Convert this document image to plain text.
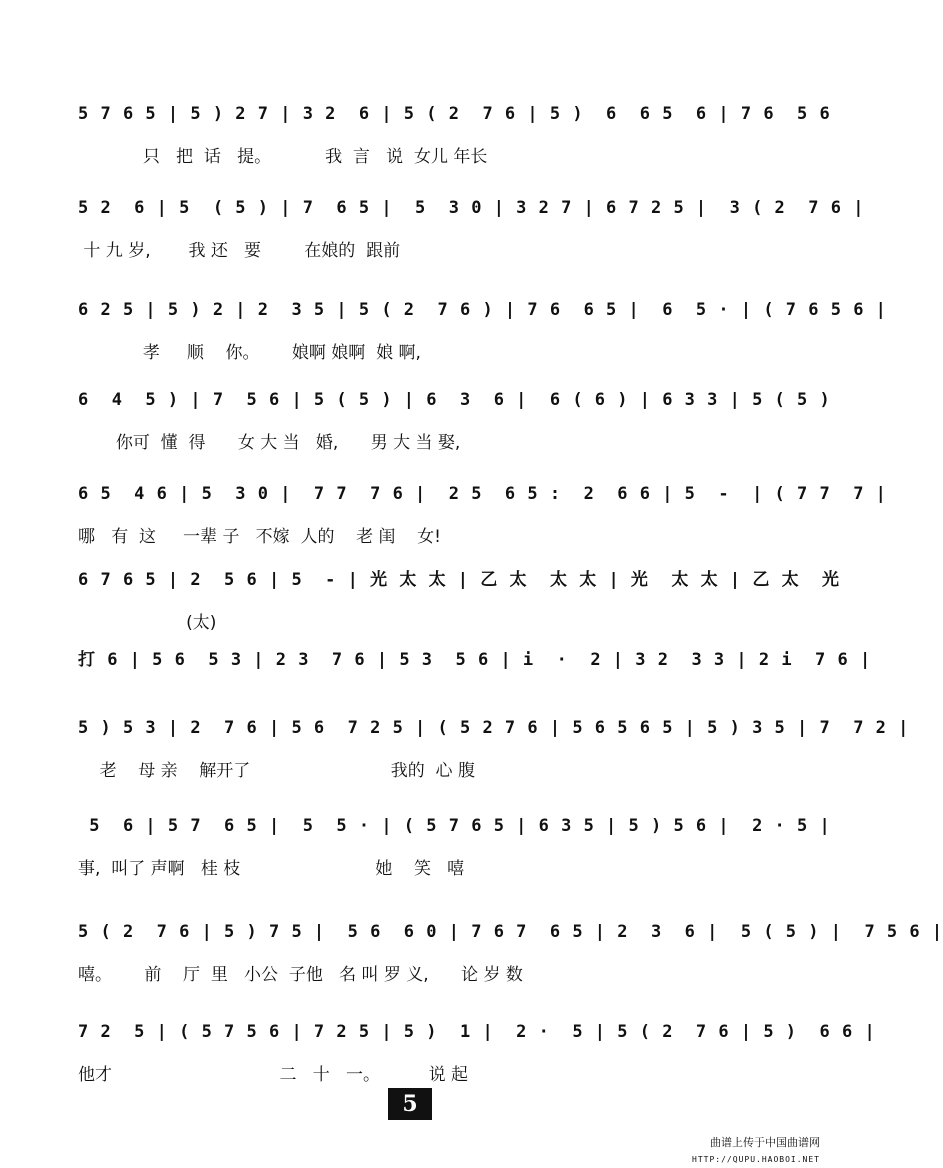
5 7 6 5 | 5 ) 2 7 | 3 2  6 | 5 ( 2  7 6 | 5 )  6  6 5  6 | 7 6  5 6
只   把  话   提。          我  言   说  女儿 年长
5 2  6 | 5  ( 5 ) | 7  6 5 |  5  3 0 | 3 2 7 | 6 7 2 5 |  3 ( 2  7 6 |
十 九 岁,       我 还   要        在娘的  跟前
6 2 5 | 5 ) 2 | 2  3 5 | 5 ( 2  7 6 ) | 7 6  6 5 |  6  5 · | ( 7 6 5 6 |
孝     顺    你。      娘啊 娘啊  娘 啊,
6  4  5 ) | 7  5 6 | 5 ( 5 ) | 6  3  6 |  6 ( 6 ) | 6 3 3 | 5 ( 5 )
你可  懂  得      女 大 当   婚,      男 大 当 娶,
6 5  4 6 | 5  3 0 |  7 7  7 6 |  2 5  6 5 :  2  6 6 | 5  -  | ( 7 7  7 |
哪   有  这     一辈 子   不嫁  人的    老 闺    女!
6 7 6 5 | 2  5 6 | 5  - | 光 太 太 | 乙 太  太 太 | 光  太 太 | 乙 太  光
(太)
打 6 | 5 6  5 3 | 2 3  7 6 | 5 3  5 6 | i  ·  2 | 3 2  3 3 | 2 i  7 6 |
5 ) 5 3 | 2  7 6 | 5 6  7 2 5 | ( 5 2 7 6 | 5 6 5 6 5 | 5 ) 3 5 | 7  7 2 |
老    母 亲    解开了                          我的  心 腹
5  6 | 5 7  6 5 |  5  5 · | ( 5 7 6 5 | 6 3 5 | 5 ) 5 6 |  2 · 5 |
事,  叫了 声啊   桂 枝                         她    笑   嘻
5 ( 2  7 6 | 5 ) 7 5 |  5 6  6 0 | 7 6 7  6 5 | 2  3  6 |  5 ( 5 ) |  7 5 6 |
嘻。      前    厅  里   小公  子他   名 叫 罗 义,      论 岁 数
7 2  5 | ( 5 7 5 6 | 7 2 5 | 5 )  1 |  2 ·  5 | 5 ( 2  7 6 | 5 )  6 6 |
他才                               二   十   一。         说 起
5
曲谱上传于中国曲谱网
HTTP://QUPU.HAOBOI.NET
